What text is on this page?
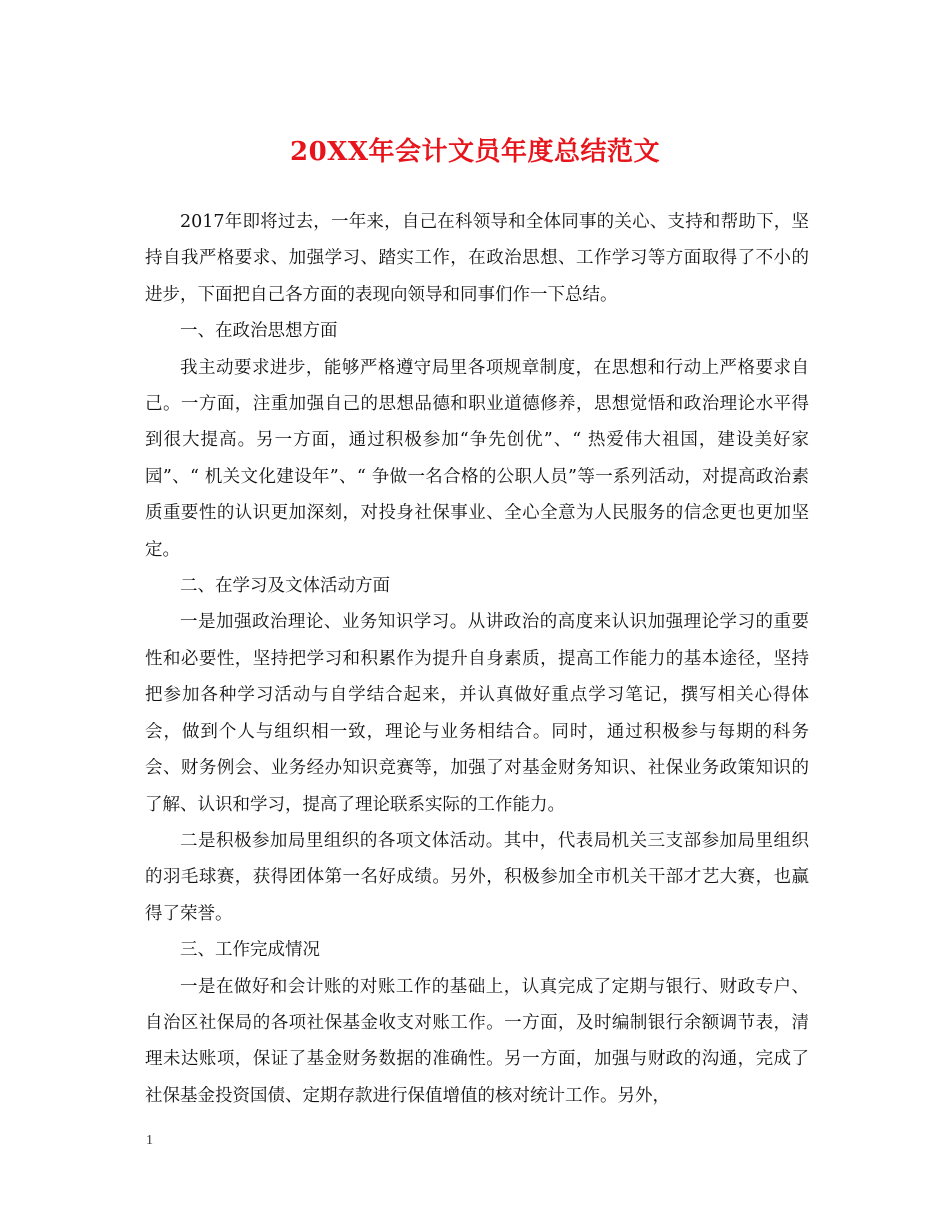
20XX年会计文员年度总结范文

2017年即将过去，一年来，自己在科领导和全体同事的关心、支持和帮助下，坚持自我严格要求、加强学习、踏实工作，在政治思想、工作学习等方面取得了不小的进步，下面把自己各方面的表现向领导和同事们作一下总结。

一、在政治思想方面

我主动要求进步，能够严格遵守局里各项规章制度，在思想和行动上严格要求自己。一方面，注重加强自己的思想品德和职业道德修养，思想觉悟和政治理论水平得到很大提高。另一方面，通过积极参加“争先创优”、“ 热爱伟大祖国，建设美好家园”、“ 机关文化建设年”、“ 争做一名合格的公职人员”等一系列活动，对提高政治素质重要性的认识更加深刻，对投身社保事业、全心全意为人民服务的信念更也更加坚定。

二、在学习及文体活动方面

一是加强政治理论、业务知识学习。从讲政治的高度来认识加强理论学习的重要性和必要性，坚持把学习和积累作为提升自身素质，提高工作能力的基本途径，坚持把参加各种学习活动与自学结合起来，并认真做好重点学习笔记，撰写相关心得体会，做到个人与组织相一致，理论与业务相结合。同时，通过积极参与每期的科务会、财务例会、业务经办知识竞赛等，加强了对基金财务知识、社保业务政策知识的了解、认识和学习，提高了理论联系实际的工作能力。

二是积极参加局里组织的各项文体活动。其中，代表局机关三支部参加局里组织的羽毛球赛，获得团体第一名好成绩。另外，积极参加全市机关干部才艺大赛，也赢得了荣誉。

三、工作完成情况

一是在做好和会计账的对账工作的基础上，认真完成了定期与银行、财政专户、自治区社保局的各项社保基金收支对账工作。一方面，及时编制银行余额调节表，清理未达账项，保证了基金财务数据的准确性。另一方面，加强与财政的沟通，完成了社保基金投资国债、定期存款进行保值增值的核对统计工作。另外，

1
